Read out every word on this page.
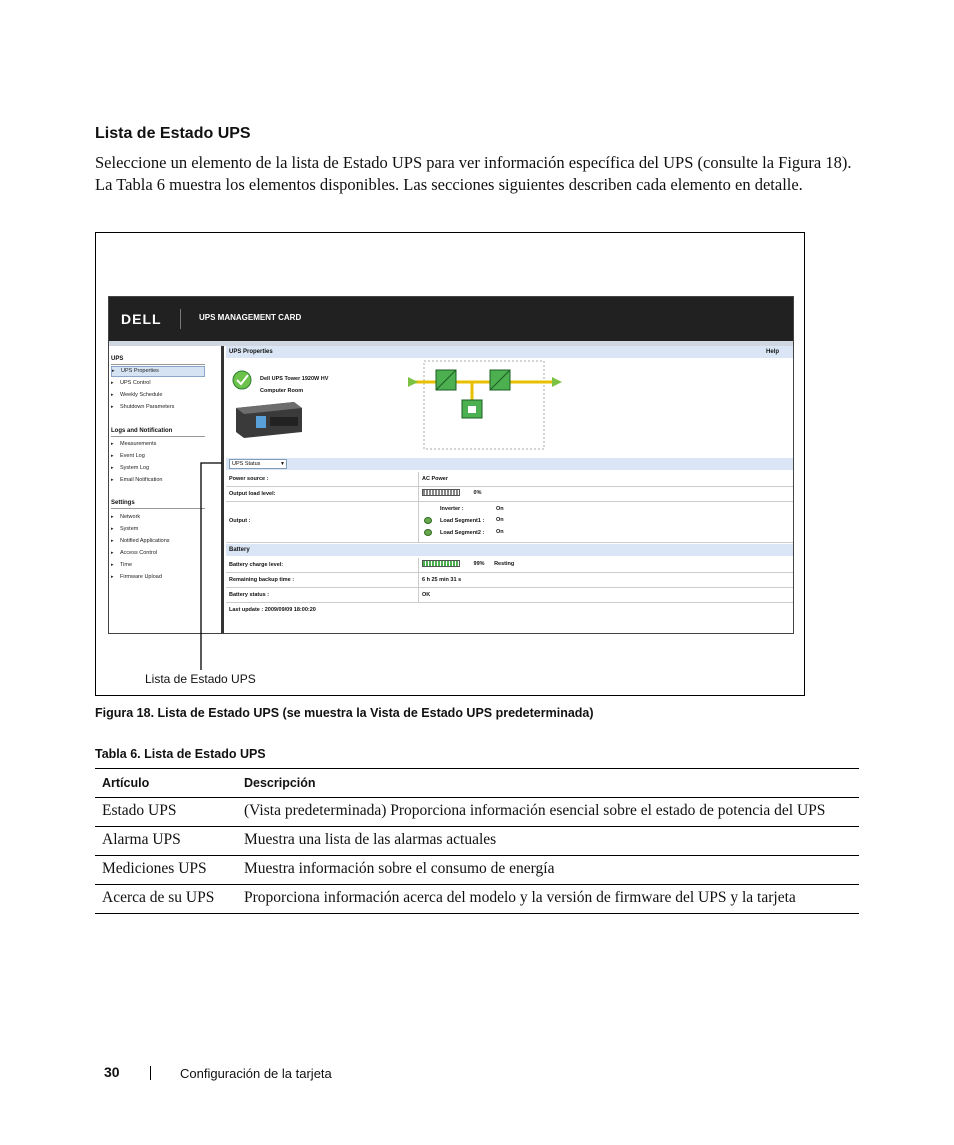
Lista de Estado UPS
Seleccione un elemento de la lista de Estado UPS para ver información específica del UPS (consulte la Figura 18). La Tabla 6 muestra los elementos disponibles. Las secciones siguientes describen cada elemento en detalle.
DELL	UPS MANAGEMENT CARD
UPS
▸ UPS Properties
▸ UPS Control
▸ Weekly Schedule
▸ Shutdown Parameters
Logs and Notification
▸ Measurements
▸ Event Log
▸ System Log
▸ Email Notification
Settings
▸ Network
▸ System
▸ Notified Applications
▸ Access Control
▸ Time
▸ Firmware Upload
UPS Properties	Help
Dell UPS Tower 1920W HV
Computer Room
UPS Status	▼
Power source :	AC Power
Output load level:	0%
Output :
Inverter :	On
Load Segment1 : On
Load Segment2 : On
Battery
Battery charge level:	99% Resting
Remaining backup time :	6 h 25 min 31 s
Battery status :	OK
Last update : 2009/09/09 18:00:20
Lista de Estado UPS
Figura 18. Lista de Estado UPS (se muestra la Vista de Estado UPS predeterminada)
Tabla 6. Lista de Estado UPS
Artículo	Descripción
Estado UPS	(Vista predeterminada) Proporciona información esencial sobre el estado de potencia del UPS
Alarma UPS	Muestra una lista de las alarmas actuales
Mediciones UPS	Muestra información sobre el consumo de energía
Acerca de su UPS	Proporciona información acerca del modelo y la versión de firmware del UPS y la tarjeta
30	Configuración de la tarjeta
